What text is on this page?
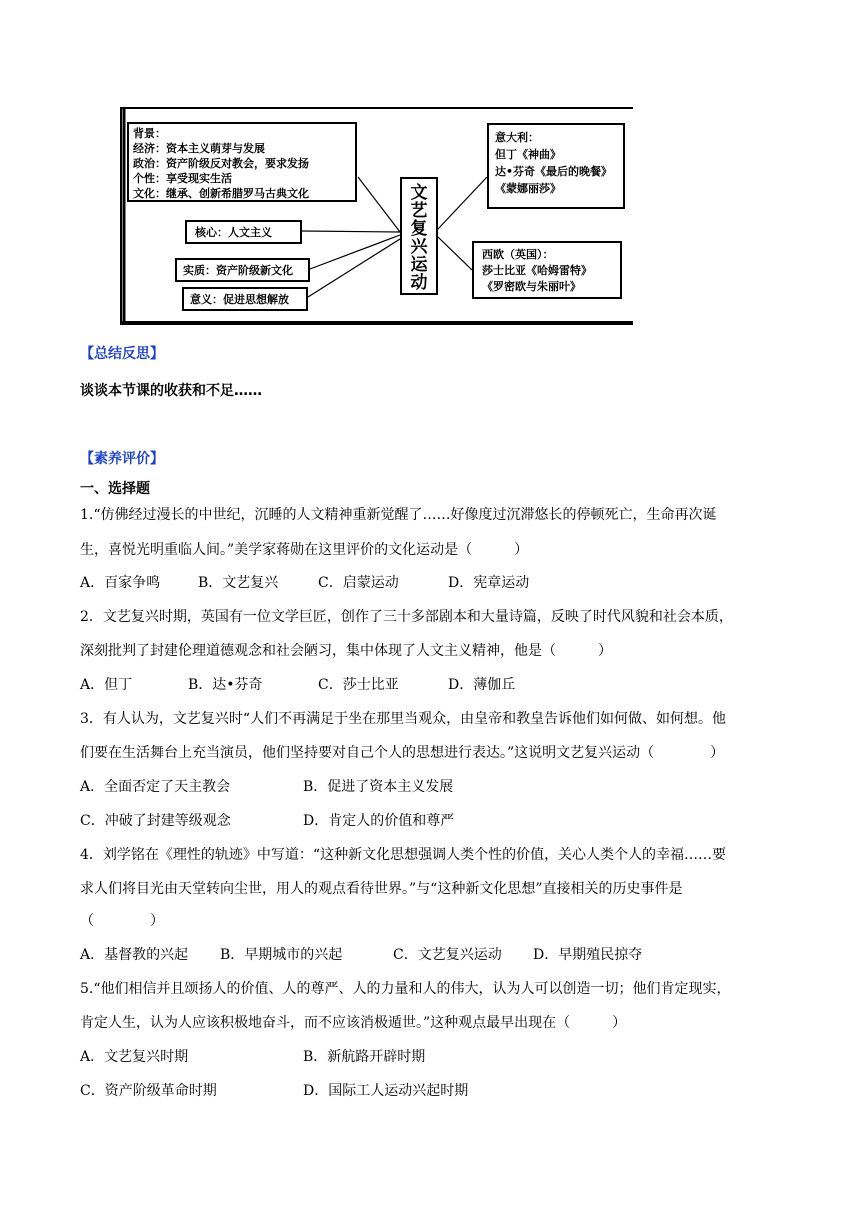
背景：
经济：资本主义萌芽与发展
政治：资产阶级反对教会，要求发扬
个性：享受现实生活
文化：继承、创新希腊罗马古典文化
核心：人文主义
实质：资产阶级新文化
意义：促进思想解放
文
艺
复
兴
运
动
意大利：
但丁《神曲》
达•芬奇《最后的晚餐》
《蒙娜丽莎》
西欧（英国）：
莎士比亚《哈姆雷特》
《罗密欧与朱丽叶》
【总结反思】
谈谈本节课的收获和不足……
【素养评价】
一、选择题
1.“仿佛经过漫长的中世纪，沉睡的人文精神重新觉醒了……好像度过沉滞悠长的停顿死亡，生命再次诞
生，喜悦光明重临人间。”美学家蒋勋在这里评价的文化运动是（　　　）
A．百家争鸣	B．文艺复兴	C．启蒙运动	D．宪章运动
2．文艺复兴时期，英国有一位文学巨匠，创作了三十多部剧本和大量诗篇，反映了时代风貌和社会本质，
深刻批判了封建伦理道德观念和社会陋习，集中体现了人文主义精神，他是（　　　）
A．但丁	B．达•芬奇	C．莎士比亚	D．薄伽丘
3．有人认为，文艺复兴时“人们不再满足于坐在那里当观众，由皇帝和教皇告诉他们如何做、如何想。他
们要在生活舞台上充当演员，他们坚持要对自己个人的思想进行表达。”这说明文艺复兴运动（　　　　）
A．全面否定了天主教会	B．促进了资本主义发展
C．冲破了封建等级观念	D．肯定人的价值和尊严
4．刘学铭在《理性的轨迹》中写道：“这种新文化思想强调人类个性的价值，关心人类个人的幸福……要
求人们将目光由天堂转向尘世，用人的观点看待世界。”与“这种新文化思想”直接相关的历史事件是
（　　　　）
A．基督教的兴起 B．早期城市的兴起	C．文艺复兴运动 D．早期殖民掠夺
5.“他们相信并且颂扬人的价值、人的尊严、人的力量和人的伟大，认为人可以创造一切；他们肯定现实，
肯定人生，认为人应该积极地奋斗，而不应该消极遁世。”这种观点最早出现在（　　　）
A．文艺复兴时期	B．新航路开辟时期
C．资产阶级革命时期	D．国际工人运动兴起时期
